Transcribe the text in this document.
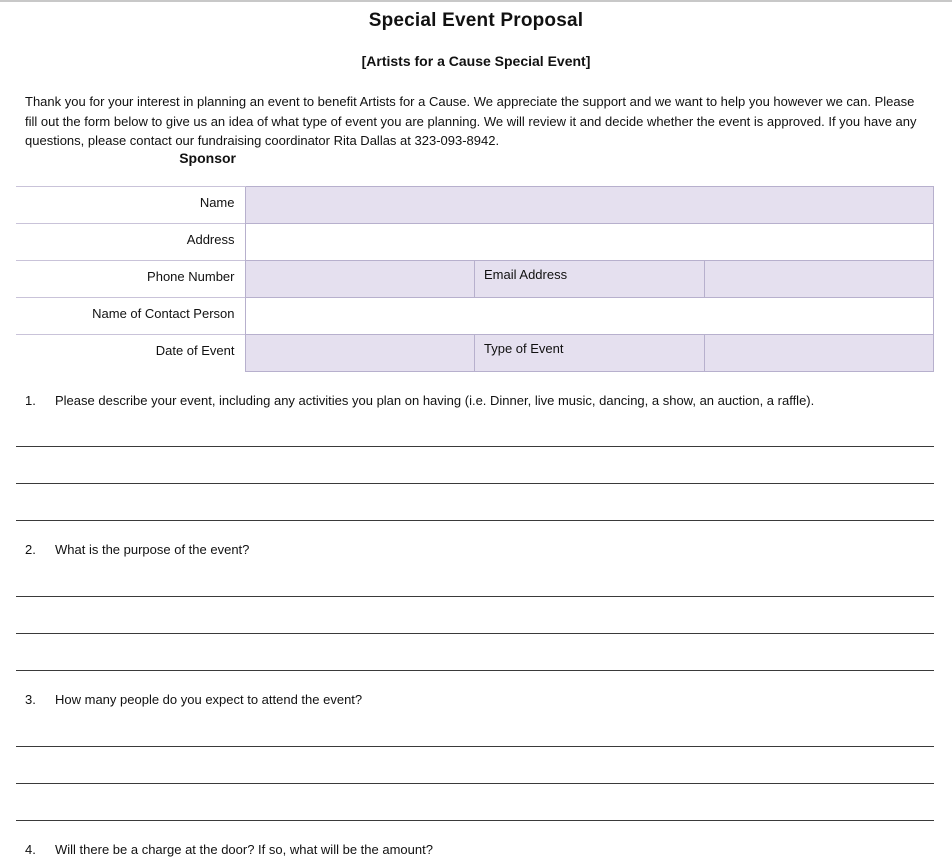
Special Event Proposal
[Artists for a Cause Special Event]
Thank you for your interest in planning an event to benefit Artists for a Cause. We appreciate the support and we want to help you however we can. Please fill out the form below to give us an idea of what type of event you are planning. We will review it and decide whether the event is approved. If you have any questions, please contact our fundraising coordinator Rita Dallas at 323-093-8942.
Sponsor
Name			
Address			
Phone Number		Email Address	
Name of Contact Person			
Date of Event		Type of Event	
1. Please describe your event, including any activities you plan on having (i.e. Dinner, live music, dancing, a show, an auction, a raffle).
2. What is the purpose of the event?
3. How many people do you expect to attend the event?
4. Will there be a charge at the door? If so, what will be the amount?
